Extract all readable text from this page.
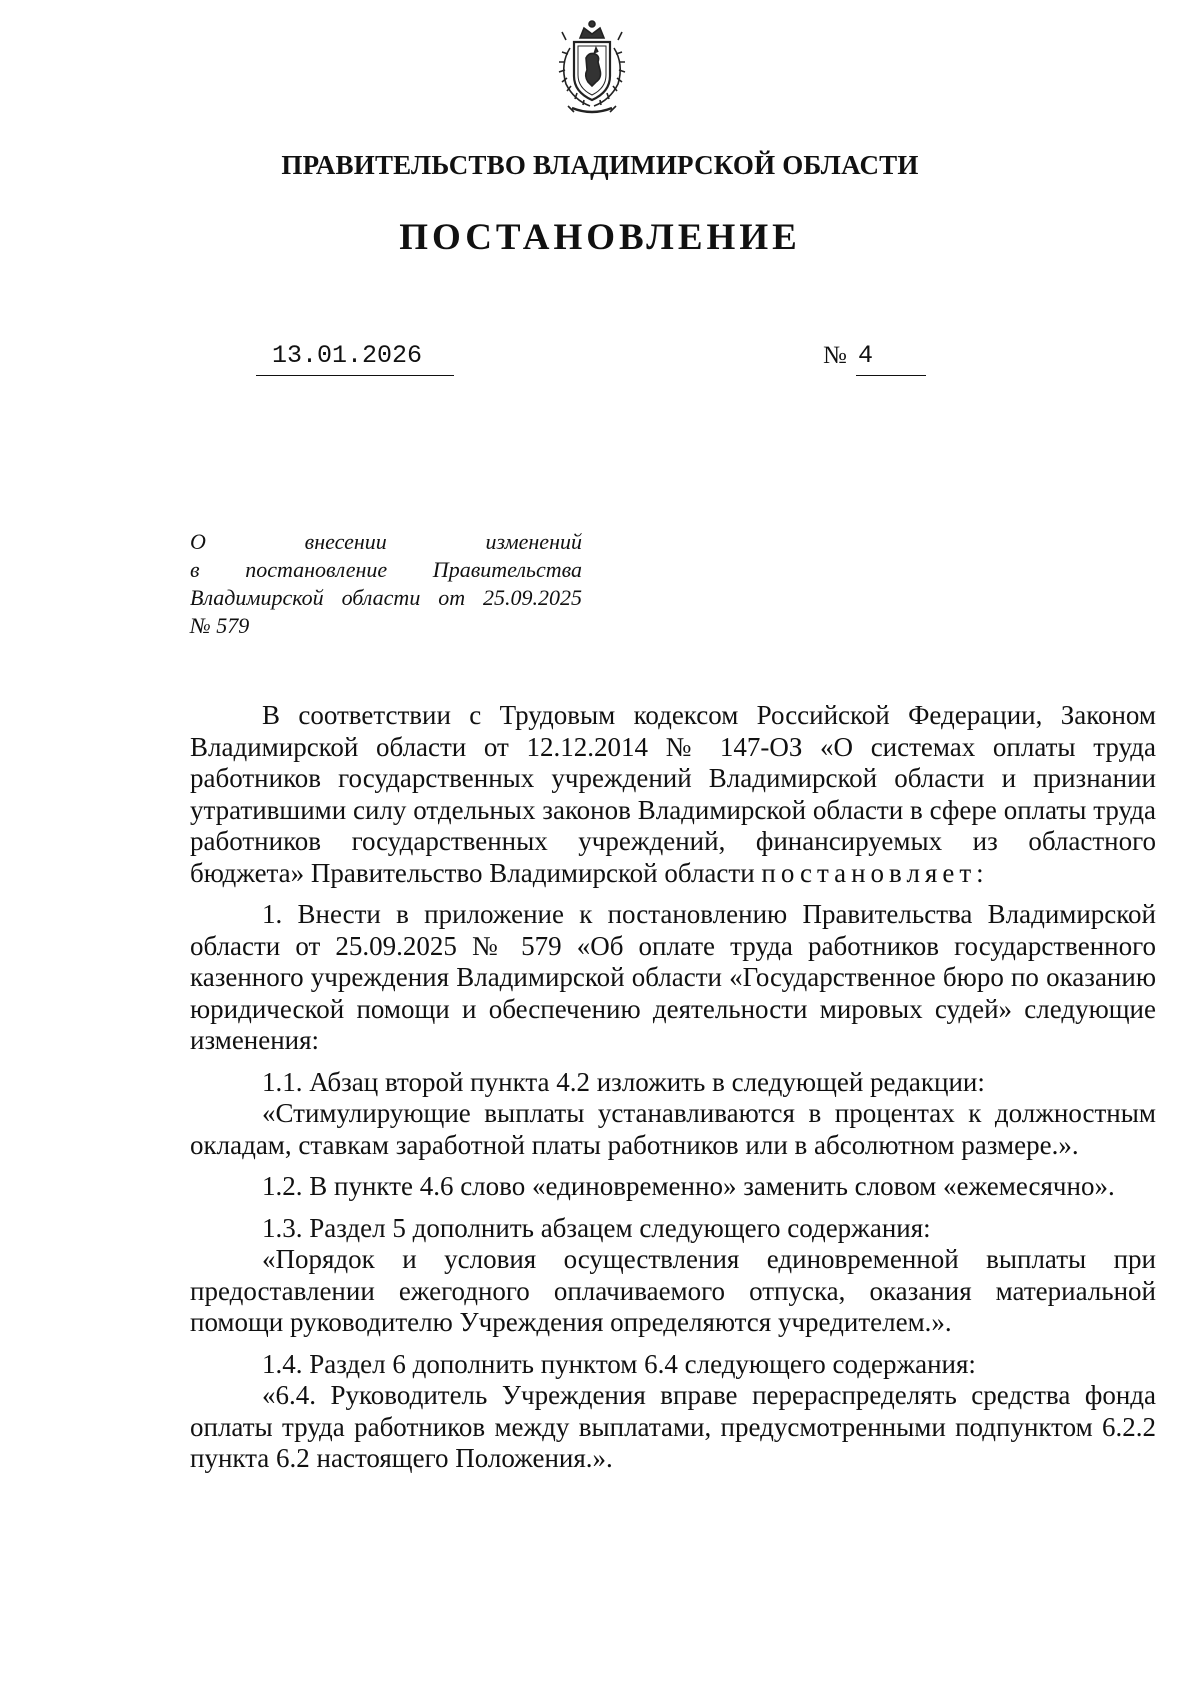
ПРАВИТЕЛЬСТВО ВЛАДИМИРСКОЙ ОБЛАСТИ
ПОСТАНОВЛЕНИЕ
13.01.2026	№ 4
О внесении изменений
в постановление Правительства
Владимирской области от 25.09.2025
№ 579

В соответствии с Трудовым кодексом Российской Федерации, Законом Владимирской области от 12.12.2014 № 147-ОЗ «О системах оплаты труда работников государственных учреждений Владимирской области и признании утратившими силу отдельных законов Владимирской области в сфере оплаты труда работников государственных учреждений, финансируемых из областного бюджета» Правительство Владимирской области постановляет:

1. Внести в приложение к постановлению Правительства Владимирской области от 25.09.2025 № 579 «Об оплате труда работников государственного казенного учреждения Владимирской области «Государственное бюро по оказанию юридической помощи и обеспечению деятельности мировых судей» следующие изменения:

1.1. Абзац второй пункта 4.2 изложить в следующей редакции:

«Стимулирующие выплаты устанавливаются в процентах к должностным окладам, ставкам заработной платы работников или в абсолютном размере.».

1.2. В пункте 4.6 слово «единовременно» заменить словом «ежемесячно».

1.3. Раздел 5 дополнить абзацем следующего содержания:

«Порядок и условия осуществления единовременной выплаты при предоставлении ежегодного оплачиваемого отпуска, оказания материальной помощи руководителю Учреждения определяются учредителем.».

1.4. Раздел 6 дополнить пунктом 6.4 следующего содержания:

«6.4. Руководитель Учреждения вправе перераспределять средства фонда оплаты труда работников между выплатами, предусмотренными подпунктом 6.2.2 пункта 6.2 настоящего Положения.».
